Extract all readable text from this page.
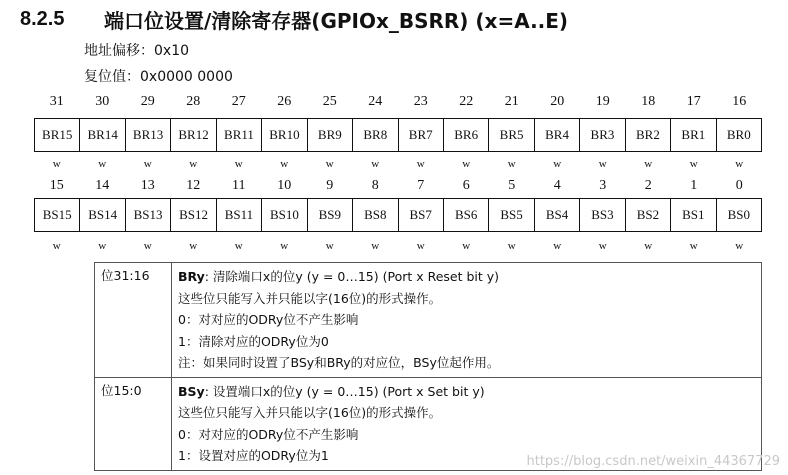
8.2.5	端口位设置/清除寄存器(GPIOx_BSRR) (x=A..E)
地址偏移：0x10
复位值：0x0000 0000
31	30	29	28	27	26	25	24	23	22	21	20	19	18	17	16
BR15	BR14	BR13	BR12	BR11	BR10	BR9	BR8	BR7	BR6	BR5	BR4	BR3	BR2	BR1	BR0
w	w	w	w	w	w	w	w	w	w	w	w	w	w	w	w
15	14	13	12	11	10	9	8	7	6	5	4	3	2	1	0
BS15	BS14	BS13	BS12	BS11	BS10	BS9	BS8	BS7	BS6	BS5	BS4	BS3	BS2	BS1	BS0
w	w	w	w	w	w	w	w	w	w	w	w	w	w	w	w
位31:16	BRy: 清除端口x的位y (y = 0…15) (Port x Reset bit y)
这些位只能写入并只能以字(16位)的形式操作。
0：对对应的ODRy位不产生影响
1：清除对应的ODRy位为0
注：如果同时设置了BSy和BRy的对应位，BSy位起作用。

位15:0	BSy: 设置端口x的位y (y = 0…15) (Port x Set bit y)
这些位只能写入并只能以字(16位)的形式操作。
0：对对应的ODRy位不产生影响
1：设置对应的ODRy位为1	https://blog.csdn.net/weixin_44367729
